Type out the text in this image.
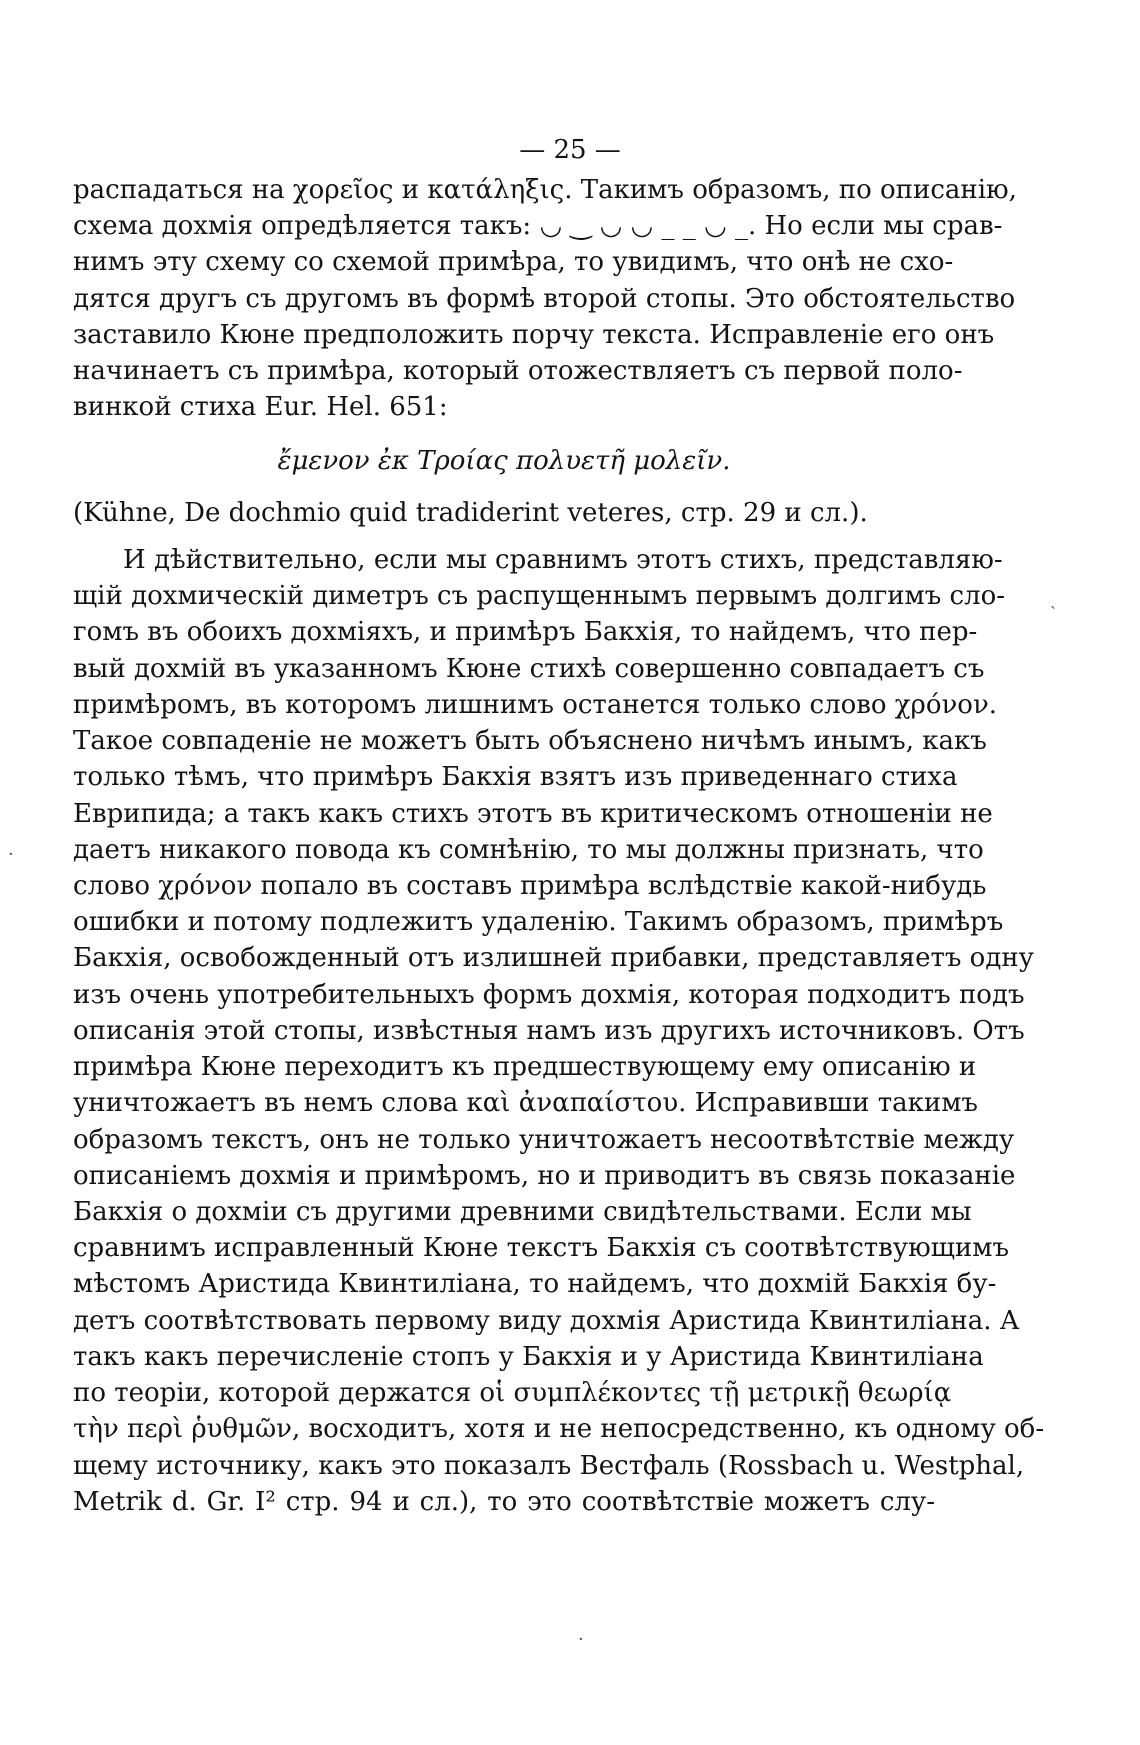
— 25 —
распадаться на χορεῖος и κατάληξις. Такимъ образомъ, по описанію,
схема дохмія опредѣляется такъ: ◡ ‿ ◡ ◡ _ _ ◡ _. Но если мы срав-
нимъ эту схему со схемой примѣра, то увидимъ, что онѣ не схо-
дятся другъ съ другомъ въ формѣ второй стопы. Это обстоятельство
заставило Кюне предположить порчу текста. Исправленіе его онъ
начинаетъ съ примѣра, который отожествляетъ съ первой поло-
винкой стиха Eur. Hel. 651:
ἔμενον ἐκ Τροίας πολυετῆ μολεῖν.
(Kühne, De dochmio quid tradiderint veteres, стр. 29 и сл.).
И дѣйствительно, если мы сравнимъ этотъ стихъ, представляю-
щій дохмическій диметръ съ распущеннымъ первымъ долгимъ сло-
гомъ въ обоихъ дохміяхъ, и примѣръ Бакхія, то найдемъ, что пер-
вый дохмій въ указанномъ Кюне стихѣ совершенно совпадаетъ съ
примѣромъ, въ которомъ лишнимъ останется только слово χρόνον.
Такое совпаденіе не можетъ быть объяснено ничѣмъ инымъ, какъ
только тѣмъ, что примѣръ Бакхія взятъ изъ приведеннаго стиха
Еврипида; а такъ какъ стихъ этотъ въ критическомъ отношеніи не
даетъ никакого повода къ сомнѣнію, то мы должны признать, что
слово χρόνον попало въ составъ примѣра вслѣдствіе какой-нибудь
ошибки и потому подлежитъ удаленію. Такимъ образомъ, примѣръ
Бакхія, освобожденный отъ излишней прибавки, представляетъ одну
изъ очень употребительныхъ формъ дохмія, которая подходитъ подъ
описанія этой стопы, извѣстныя намъ изъ другихъ источниковъ. Отъ
примѣра Кюне переходитъ къ предшествующему ему описанію и
уничтожаетъ въ немъ слова καὶ ἀναπαίστου. Исправивши такимъ
образомъ текстъ, онъ не только уничтожаетъ несоотвѣтствіе между
описаніемъ дохмія и примѣромъ, но и приводитъ въ связь показаніе
Бакхія о дохміи съ другими древними свидѣтельствами. Если мы
сравнимъ исправленный Кюне текстъ Бакхія съ соотвѣтствующимъ
мѣстомъ Аристида Квинтиліана, то найдемъ, что дохмій Бакхія бу-
детъ соотвѣтствовать первому виду дохмія Аристида Квинтиліана. А
такъ какъ перечисленіе стопъ у Бакхія и у Аристида Квинтиліана
по теоріи, которой держатся οἱ συμπλέκοντες τῇ μετρικῇ θεωρίᾳ
τὴν περὶ ῥυθμῶν, восходитъ, хотя и не непосредственно, къ одному об-
щему источнику, какъ это показалъ Вестфаль (Rossbach u. Westphal,
Metrik d. Gr. I² стр. 94 и сл.), то это соотвѣтствіе можетъ слу-
ˏ
·
·
